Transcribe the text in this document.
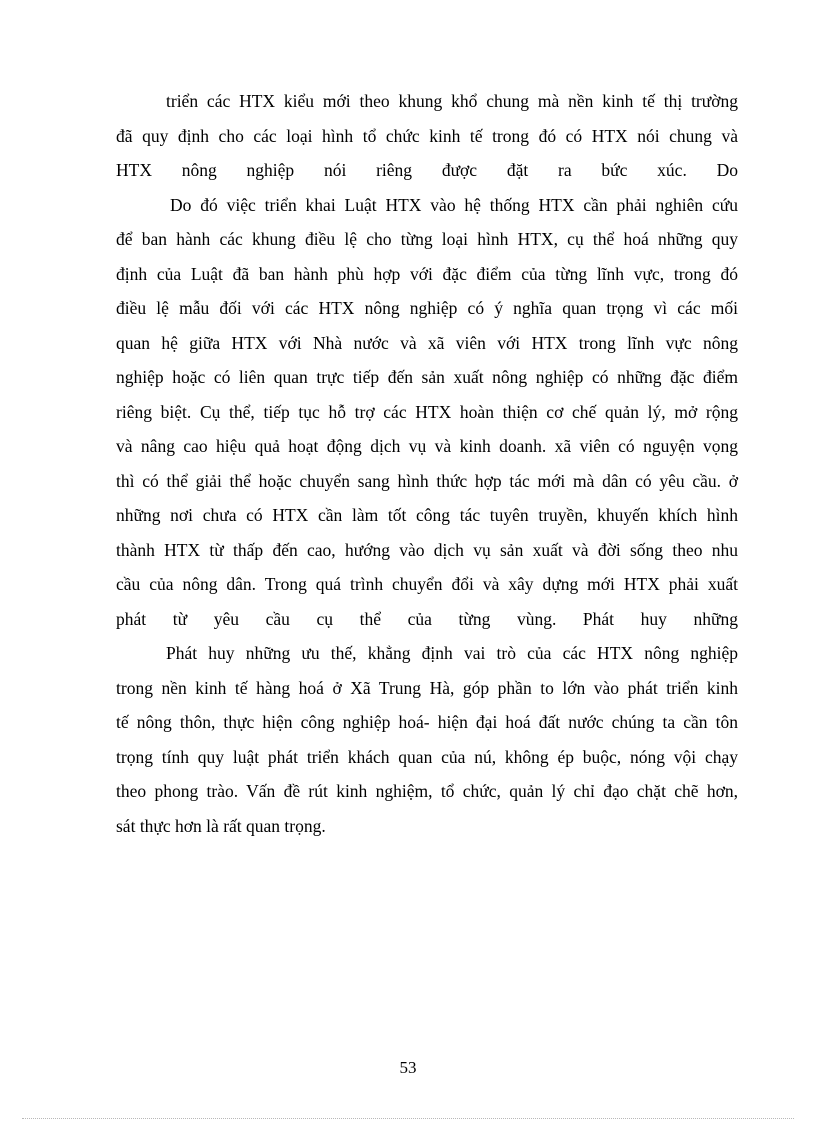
triển các HTX kiểu mới theo khung khổ chung mà nền kinh tế thị trường
đã quy định cho các loại hình tổ chức kinh tế trong đó có HTX nói chung và
HTX nông nghiệp nói riêng được đặt ra bức xúc. Do
Do đó việc triển khai Luật HTX vào hệ thống HTX cần phải nghiên cứu
để ban hành các khung điều lệ cho từng loại hình HTX, cụ thể hoá những quy
định của Luật đã ban hành phù hợp với đặc điểm của từng lĩnh vực, trong đó
điều lệ mẫu đối với các HTX nông nghiệp có ý nghĩa quan trọng vì các mối
quan hệ giữa HTX với Nhà nước và xã viên với HTX trong lĩnh vực nông
nghiệp hoặc có liên quan trực tiếp đến sản xuất nông nghiệp có những đặc điểm
riêng biệt. Cụ thể, tiếp tục hỗ trợ các HTX hoàn thiện cơ chế quản lý, mở rộng
và nâng cao hiệu quả hoạt động dịch vụ và kinh doanh. xã viên có nguyện vọng
thì có thể giải thể hoặc chuyển sang hình thức hợp tác mới mà dân có yêu cầu. ở
những nơi chưa có HTX cần làm tốt công tác tuyên truyền, khuyến khích hình
thành HTX từ thấp đến cao, hướng vào dịch vụ sản xuất và đời sống theo nhu
cầu của nông dân. Trong quá trình chuyển đổi và xây dựng mới HTX phải xuất
phát từ yêu cầu cụ thể của từng vùng. Phát huy những
Phát huy những ưu thế, khẳng định vai trò của các HTX nông nghiệp
trong nền kinh tế hàng hoá ở Xã Trung Hà, góp phần to lớn vào phát triển kinh
tế nông thôn, thực hiện công nghiệp hoá- hiện đại hoá đất nước chúng ta cần tôn
trọng tính quy luật phát triển khách quan của nú, không ép buộc, nóng vội chạy
theo phong trào. Vấn đề rút kinh nghiệm, tổ chức, quản lý chỉ đạo chặt chẽ hơn,
sát thực hơn là rất quan trọng.
53
